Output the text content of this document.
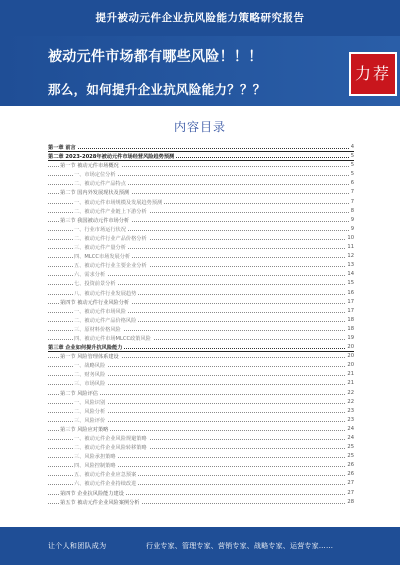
提升被动元件企业抗风险能力策略研究报告
被动元件市场都有哪些风险！！！
那么，如何提升企业抗风险能力？？？
力荐
内容目录
第一章 前言	4
第二章 2023-2028年被动元件市场经营风险趋势预测	5
第一节 被动元件市场概况	5
一、市场定位分析	5
二、被动元件产品特点	6
第二节 国内外发展现状及预测	7
一、被动元件市场规模及发展趋势预测	7
二、被动元件产业链上下游分析	8
第三节 我国被动元件市场分析	9
一、行业市场运行状况	9
二、被动元件行业产品价格分析	10
三、被动元件产量分析	11
四、MLCC市场发展分析	12
五、被动元件行业主要企业分析	13
六、需求分析	14
七、投资前景分析	15
八、被动元件行业发展趋势	16
第四节 被动元件行业风险分析	17
一、被动元件市场风险	17
二、被动元件产品价格风险	18
三、原材料价格风险	18
四、被动元件市场MLCC政策风险	19
第三章 企业如何提升抗风险能力	20
第一节 风险管理体系建设	20
一、战略风险	20
二、财务风险	21
三、市场风险	21
第二节 风险评估	22
一、风险识别	22
二、风险分析	23
三、风险评价	23
第三节 风险应对策略	24
一、被动元件企业风险规避策略	24
二、被动元件企业风险转移策略	25
三、风险承担策略	25
四、风险控制策略	26
五、被动元件企业应急预案	26
六、被动元件企业持续改进	27
第四节 企业抗风险能力建设	27
第五节 被动元件企业风险案例分析	28
让个人和团队成为	行业专家、管理专家、营销专家、战略专家、运营专家……
